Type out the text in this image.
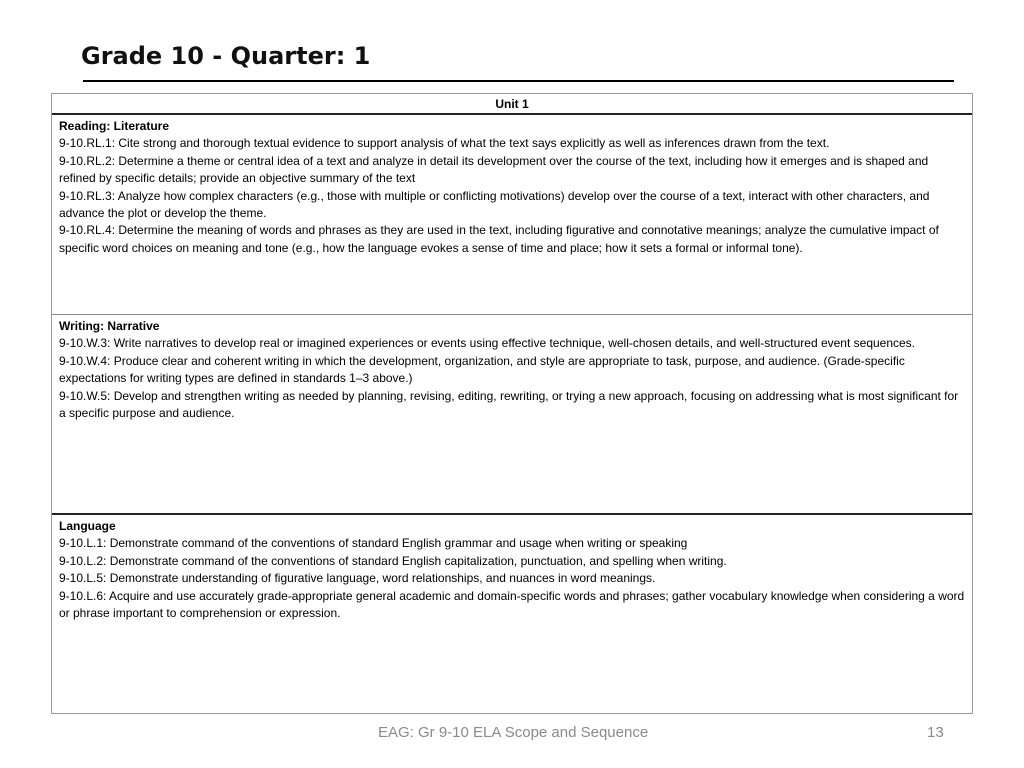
Grade 10 - Quarter: 1
Unit 1
Reading: Literature
9-10.RL.1: Cite strong and thorough textual evidence to support analysis of what the text says explicitly as well as inferences drawn from the text.
9-10.RL.2: Determine a theme or central idea of a text and analyze in detail its development over the course of the text, including how it emerges and is shaped and refined by specific details; provide an objective summary of the text
9-10.RL.3: Analyze how complex characters (e.g., those with multiple or conflicting motivations) develop over the course of a text, interact with other characters, and advance the plot or develop the theme.
9-10.RL.4: Determine the meaning of words and phrases as they are used in the text, including figurative and connotative meanings; analyze the cumulative impact of specific word choices on meaning and tone (e.g., how the language evokes a sense of time and place; how it sets a formal or informal tone).
Writing: Narrative
9-10.W.3: Write narratives to develop real or imagined experiences or events using effective technique, well-chosen details, and well-structured event sequences.
9-10.W.4: Produce clear and coherent writing in which the development, organization, and style are appropriate to task, purpose, and audience. (Grade-specific expectations for writing types are defined in standards 1–3 above.)
9-10.W.5: Develop and strengthen writing as needed by planning, revising, editing, rewriting, or trying a new approach, focusing on addressing what is most significant for a specific purpose and audience.
Language
9-10.L.1: Demonstrate command of the conventions of standard English grammar and usage when writing or speaking
9-10.L.2: Demonstrate command of the conventions of standard English capitalization, punctuation, and spelling when writing.
9-10.L.5: Demonstrate understanding of figurative language, word relationships, and nuances in word meanings.
9-10.L.6: Acquire and use accurately grade-appropriate general academic and domain-specific words and phrases; gather vocabulary knowledge when considering a word or phrase important to comprehension or expression.
EAG: Gr 9-10 ELA Scope and Sequence	13
